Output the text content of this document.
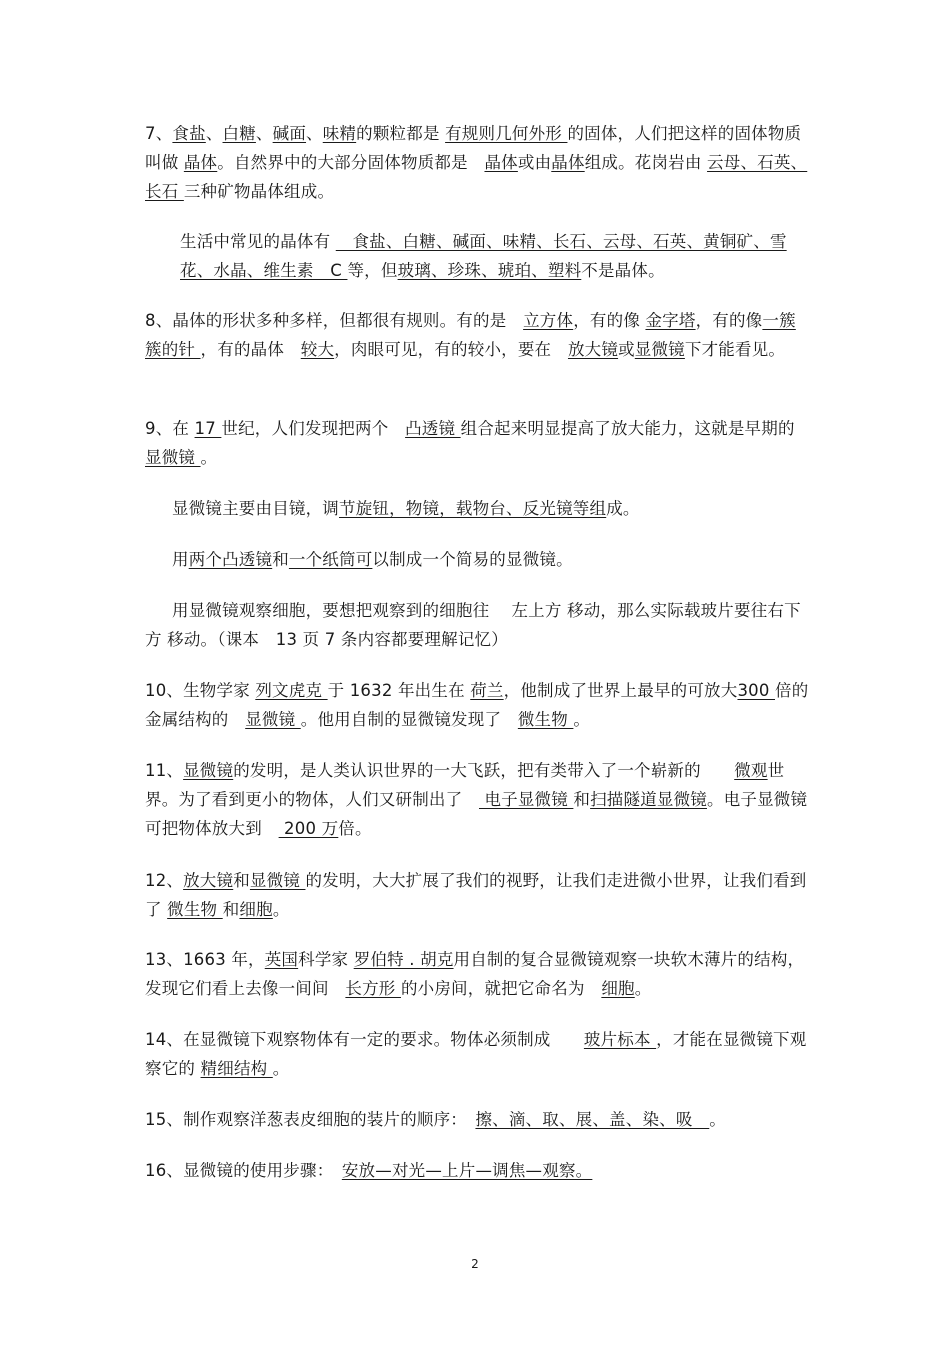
7、食盐、白糖、碱面、味精的颗粒都是 有规则几何外形 的固体，人们把这样的固体物质叫做 晶体。自然界中的大部分固体物质都是　晶体或由晶体组成。花岗岩由 云母、石英、长石 三种矿物晶体组成。
生活中常见的晶体有 　食盐、白糖、碱面、味精、长石、云母、石英、黄铜矿、雪花、水晶、维生素　C 等，但玻璃、珍珠、琥珀、塑料不是晶体。
8、晶体的形状多种多样，但都很有规则。有的是　立方体，有的像 金字塔，有的像一簇簇的针 ，有的晶体　较大，肉眼可见，有的较小，要在　放大镜或显微镜下才能看见。
9、在 17 世纪，人们发现把两个　凸透镜 组合起来明显提高了放大能力，这就是早期的 显微镜 。
显微镜主要由目镜，调节旋钮，物镜，载物台、反光镜等组成。
用两个凸透镜和一个纸筒可以制成一个简易的显微镜。
用显微镜观察细胞，要想把观察到的细胞往　 左上方 移动，那么实际载玻片要往右下方 移动。（课本　13 页 7 条内容都要理解记忆）
10、生物学家 列文虎克 于 1632 年出生在 荷兰，他制成了世界上最早的可放大300 倍的金属结构的　显微镜 。他用自制的显微镜发现了　微生物 。
11、显微镜的发明，是人类认识世界的一大飞跃，把有类带入了一个崭新的　　微观世界。为了看到更小的物体，人们又研制出了　 电子显微镜 和扫描隧道显微镜。电子显微镜可把物体放大到　 200 万倍。
12、放大镜和显微镜 的发明，大大扩展了我们的视野，让我们走进微小世界，让我们看到了 微生物 和细胞。
13、1663 年，英国科学家 罗伯特 . 胡克用自制的复合显微镜观察一块软木薄片的结构，发现它们看上去像一间间　长方形 的小房间，就把它命名为　细胞。
14、在显微镜下观察物体有一定的要求。物体必须制成　　玻片标本 ，才能在显微镜下观察它的 精细结构 。
15、制作观察洋葱表皮细胞的装片的顺序：　擦、滴、取、展、盖、染、吸　。
16、显微镜的使用步骤：　安放—对光—上片—调焦—观察。
2
